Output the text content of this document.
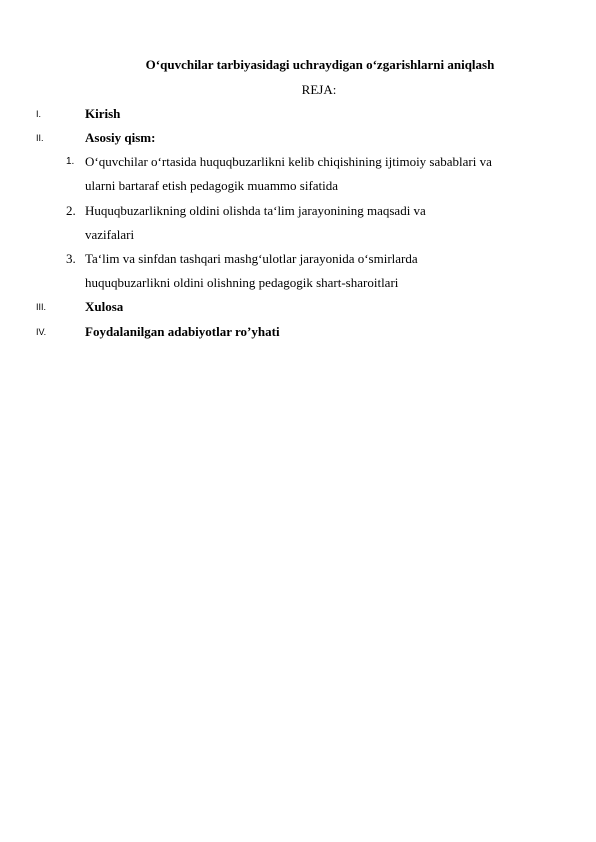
O‘quvchilar tarbiyasidagi uchraydigan o‘zgarishlarni aniqlash
REJA:
I.	Kirish
II.	Asosiy qism:
1. O‘quvchilar o‘rtasida huquqbuzarlikni kelib chiqishining ijtimoiy sabablari va
ularni bartaraf etish pedagogik muammo sifatida
2. Huquqbuzarlikning oldini olishda ta‘lim jarayonining maqsadi va
vazifalari
3. Ta‘lim va sinfdan tashqari mashg‘ulotlar jarayonida o‘smirlarda
huquqbuzarlikni oldini olishning pedagogik shart-sharoitlari
III.	Xulosa
IV.	Foydalanilgan adabiyotlar ro’yhati
